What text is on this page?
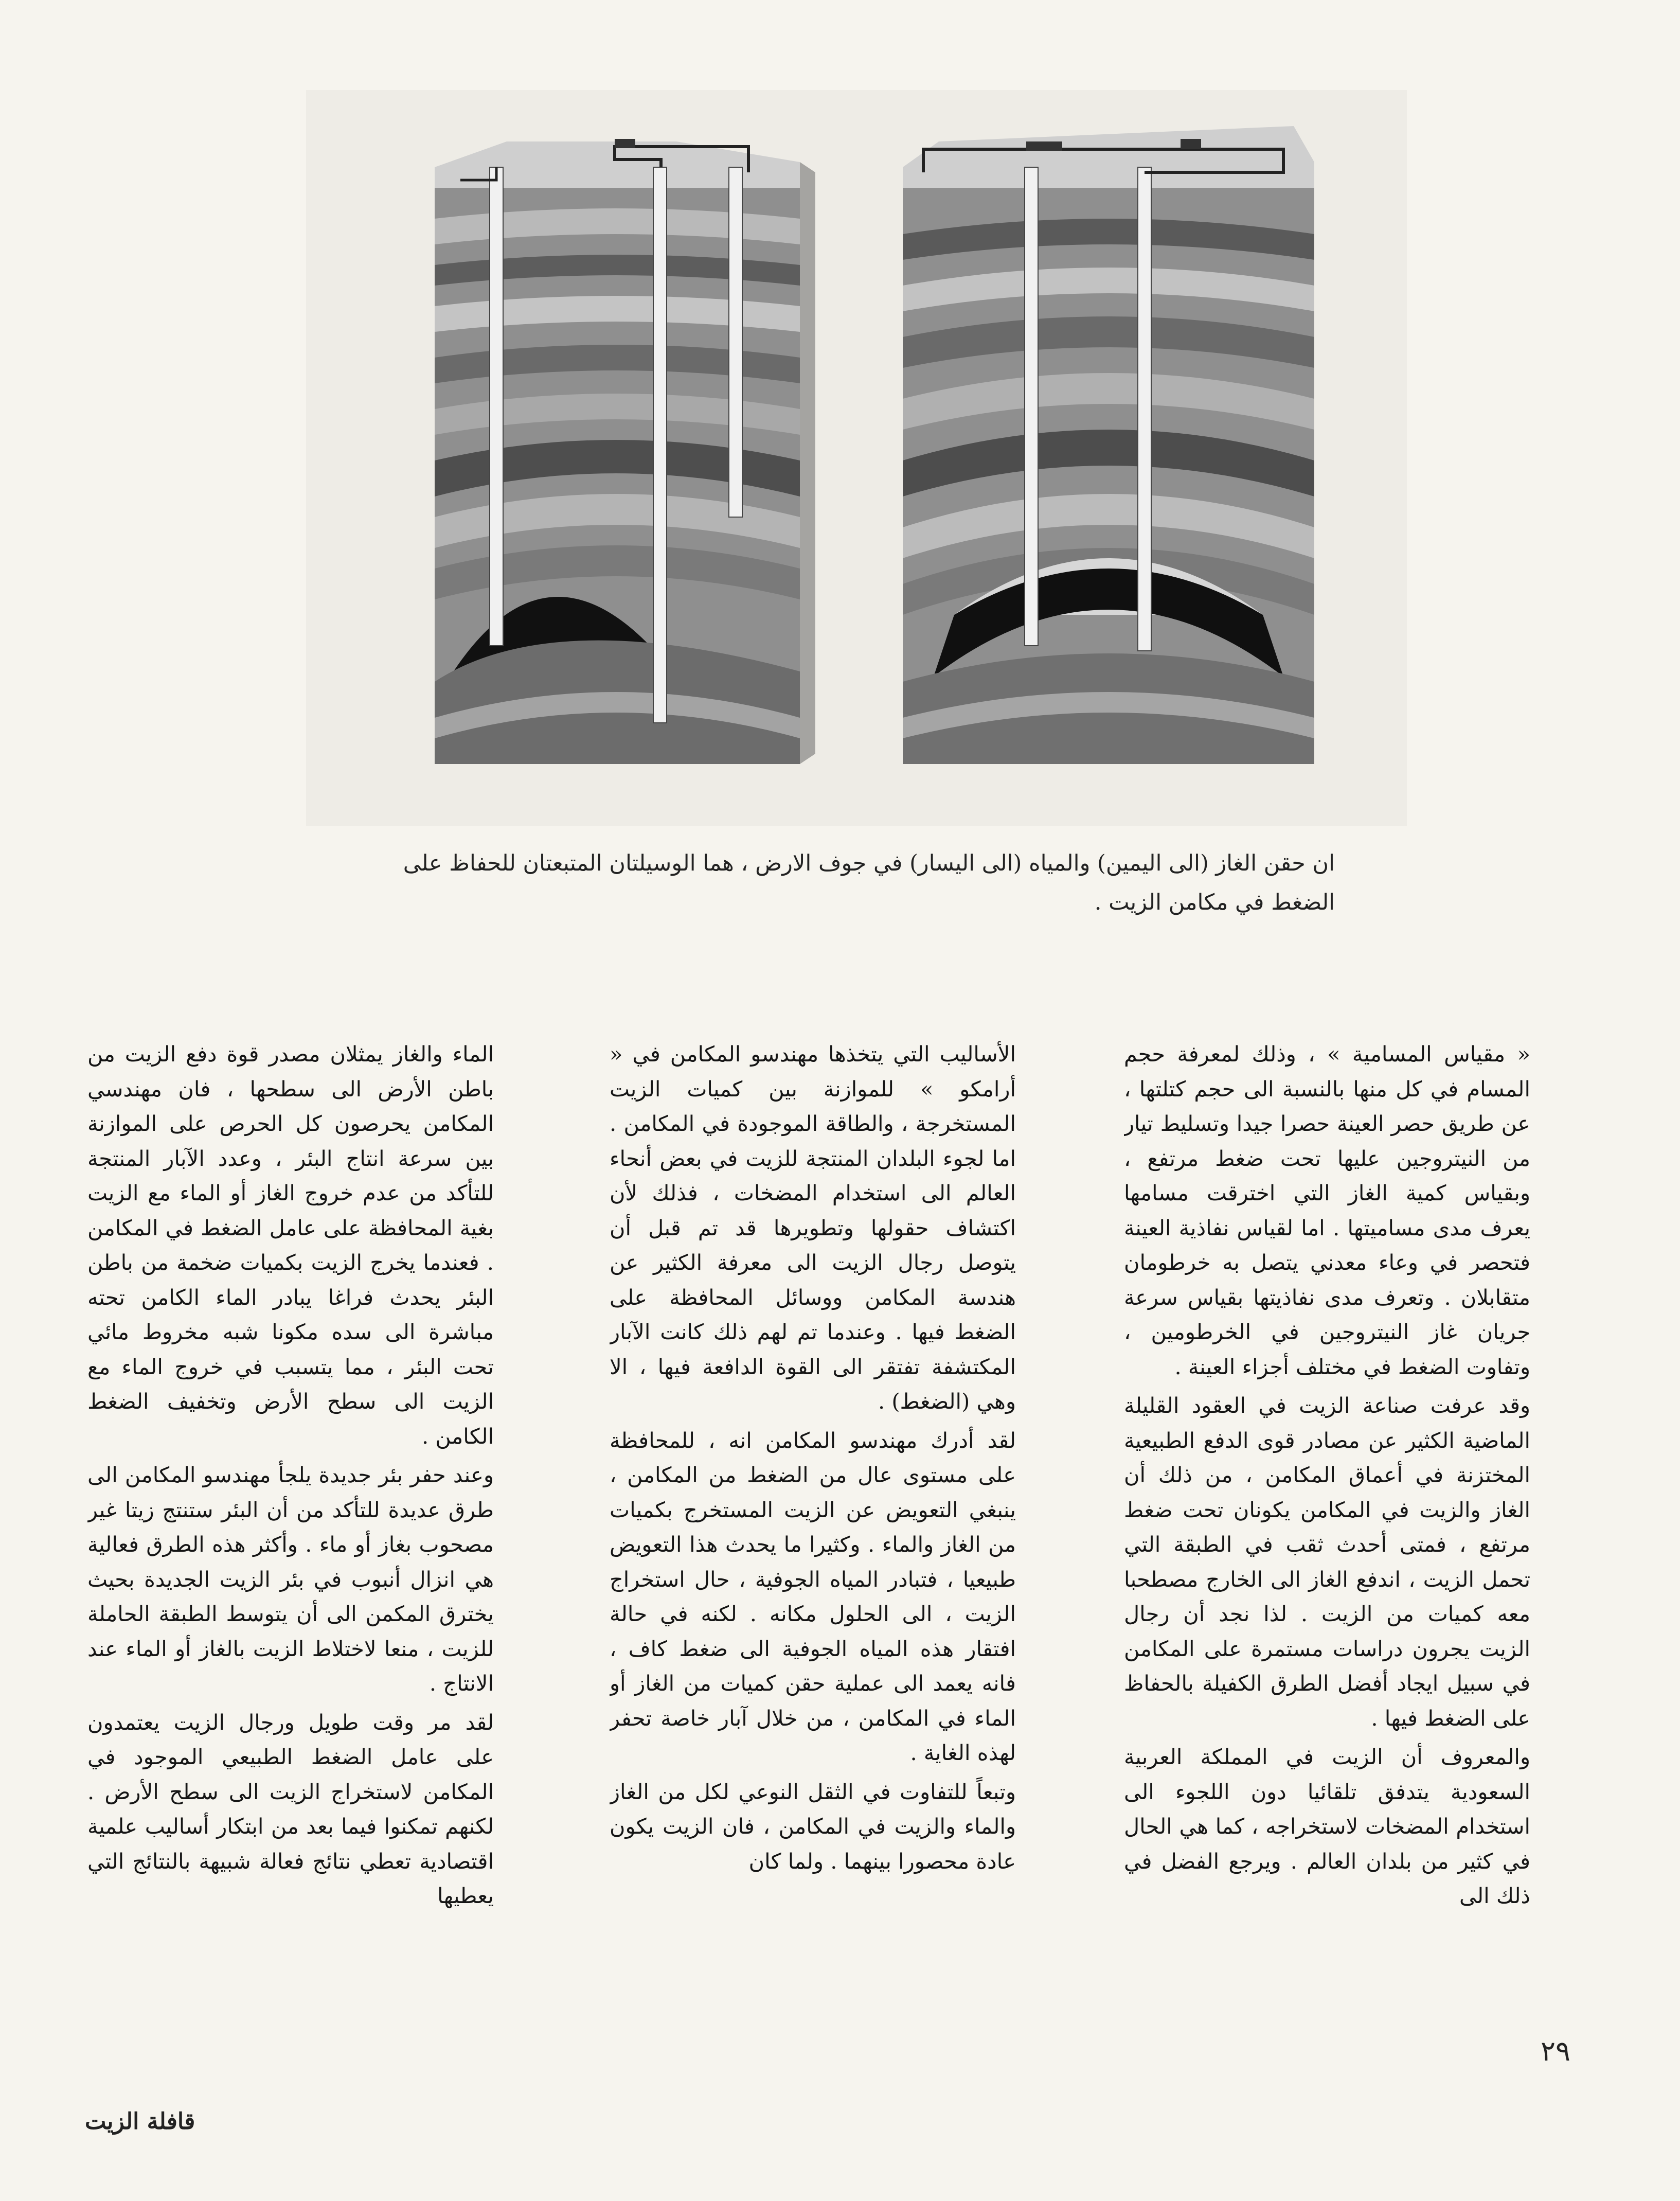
ان حقن الغاز (الى اليمين) والمياه (الى اليسار) في جوف الارض ، هما الوسيلتان المتبعتان للحفاظ على الضغط في مكامن الزيت .

« مقياس المسامية » ، وذلك لمعرفة حجم المسام في كل منها بالنسبة الى حجم كتلتها ، عن طريق حصر العينة حصرا جيدا وتسليط تيار من النيتروجين عليها تحت ضغط مرتفع ، وبقياس كمية الغاز التي اخترقت مسامها يعرف مدى مساميتها . اما لقياس نفاذية العينة فتحصر في وعاء معدني يتصل به خرطومان متقابلان . وتعرف مدى نفاذيتها بقياس سرعة جريان غاز النيتروجين في الخرطومين ، وتفاوت الضغط في مختلف أجزاء العينة .

وقد عرفت صناعة الزيت في العقود القليلة الماضية الكثير عن مصادر قوى الدفع الطبيعية المختزنة في أعماق المكامن ، من ذلك أن الغاز والزيت في المكامن يكونان تحت ضغط مرتفع ، فمتى أحدث ثقب في الطبقة التي تحمل الزيت ، اندفع الغاز الى الخارج مصطحبا معه كميات من الزيت . لذا نجد أن رجال الزيت يجرون دراسات مستمرة على المكامن في سبيل ايجاد أفضل الطرق الكفيلة بالحفاظ على الضغط فيها .

والمعروف أن الزيت في المملكة العربية السعودية يتدفق تلقائيا دون اللجوء الى استخدام المضخات لاستخراجه ، كما هي الحال في كثير من بلدان العالم . ويرجع الفضل في ذلك الى

الأساليب التي يتخذها مهندسو المكامن في « أرامكو » للموازنة بين كميات الزيت المستخرجة ، والطاقة الموجودة في المكامن . اما لجوء البلدان المنتجة للزيت في بعض أنحاء العالم الى استخدام المضخات ، فذلك لأن اكتشاف حقولها وتطويرها قد تم قبل أن يتوصل رجال الزيت الى معرفة الكثير عن هندسة المكامن ووسائل المحافظة على الضغط فيها . وعندما تم لهم ذلك كانت الآبار المكتشفة تفتقر الى القوة الدافعة فيها ، الا وهي (الضغط) .

لقد أدرك مهندسو المكامن انه ، للمحافظة على مستوى عال من الضغط من المكامن ، ينبغي التعويض عن الزيت المستخرج بكميات من الغاز والماء . وكثيرا ما يحدث هذا التعويض طبيعيا ، فتبادر المياه الجوفية ، حال استخراج الزيت ، الى الحلول مكانه . لكنه في حالة افتقار هذه المياه الجوفية الى ضغط كاف ، فانه يعمد الى عملية حقن كميات من الغاز أو الماء في المكامن ، من خلال آبار خاصة تحفر لهذه الغاية .

وتبعاً للتفاوت في الثقل النوعي لكل من الغاز والماء والزيت في المكامن ، فان الزيت يكون عادة محصورا بينهما . ولما كان

الماء والغاز يمثلان مصدر قوة دفع الزيت من باطن الأرض الى سطحها ، فان مهندسي المكامن يحرصون كل الحرص على الموازنة بين سرعة انتاج البئر ، وعدد الآبار المنتجة للتأكد من عدم خروج الغاز أو الماء مع الزيت بغية المحافظة على عامل الضغط في المكامن . فعندما يخرج الزيت بكميات ضخمة من باطن البئر يحدث فراغا يبادر الماء الكامن تحته مباشرة الى سده مكونا شبه مخروط مائي تحت البئر ، مما يتسبب في خروج الماء مع الزيت الى سطح الأرض وتخفيف الضغط الكامن .

وعند حفر بئر جديدة يلجأ مهندسو المكامن الى طرق عديدة للتأكد من أن البئر ستنتج زيتا غير مصحوب بغاز أو ماء . وأكثر هذه الطرق فعالية هي انزال أنبوب في بئر الزيت الجديدة بحيث يخترق المكمن الى أن يتوسط الطبقة الحاملة للزيت ، منعا لاختلاط الزيت بالغاز أو الماء عند الانتاج .

لقد مر وقت طويل ورجال الزيت يعتمدون على عامل الضغط الطبيعي الموجود في المكامن لاستخراج الزيت الى سطح الأرض . لكنهم تمكنوا فيما بعد من ابتكار أساليب علمية اقتصادية تعطي نتائج فعالة شبيهة بالنتائج التي يعطيها

٢٩
قافلة الزيت
